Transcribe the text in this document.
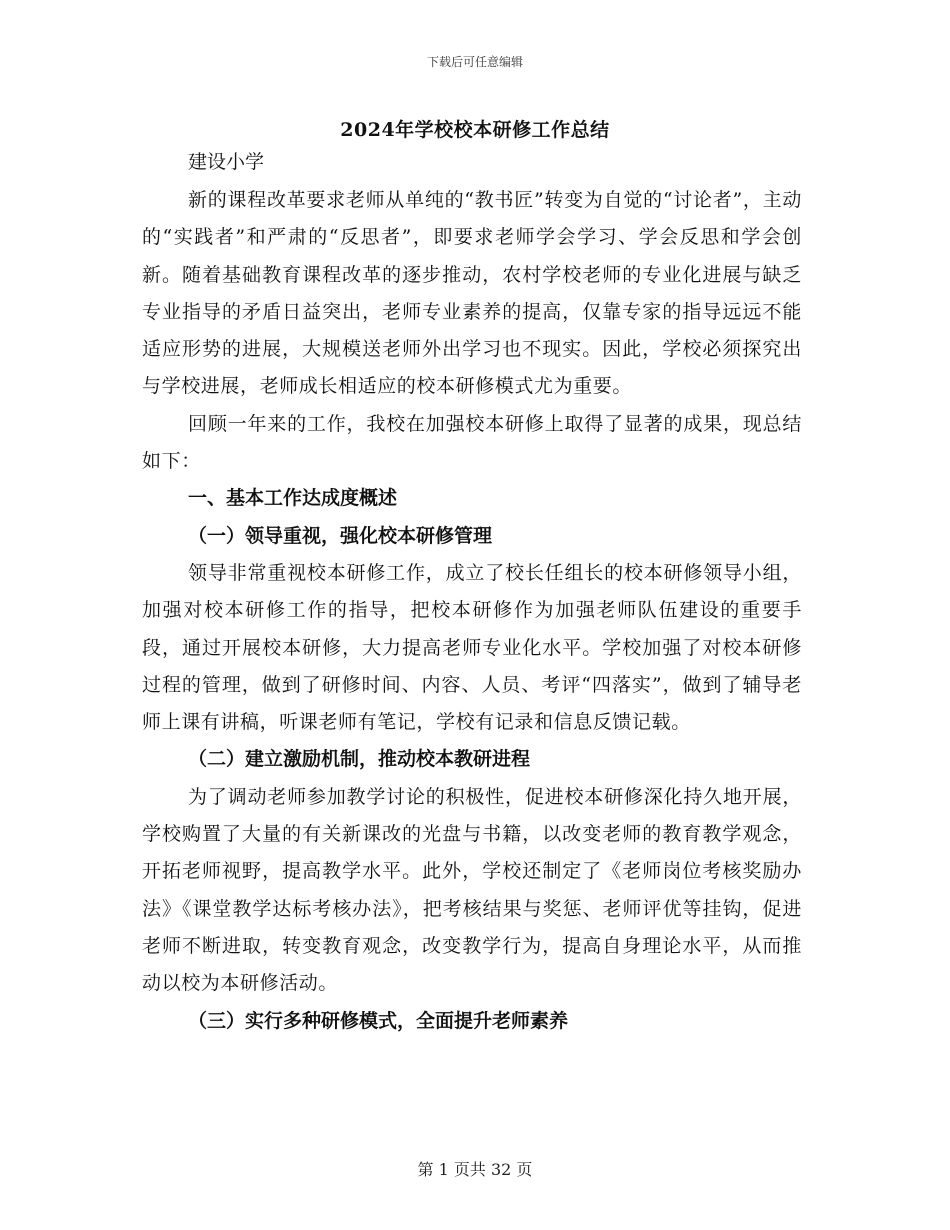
下载后可任意编辑
2024年学校校本研修工作总结
建设小学

新的课程改革要求老师从单纯的“教书匠”转变为自觉的“讨论者”，主动的“实践者”和严肃的“反思者”，即要求老师学会学习、学会反思和学会创新。随着基础教育课程改革的逐步推动，农村学校老师的专业化进展与缺乏专业指导的矛盾日益突出，老师专业素养的提高，仅靠专家的指导远远不能适应形势的进展，大规模送老师外出学习也不现实。因此，学校必须探究出与学校进展，老师成长相适应的校本研修模式尤为重要。

回顾一年来的工作，我校在加强校本研修上取得了显著的成果，现总结如下：

一、基本工作达成度概述

（一）领导重视，强化校本研修管理

领导非常重视校本研修工作，成立了校长任组长的校本研修领导小组，加强对校本研修工作的指导，把校本研修作为加强老师队伍建设的重要手段，通过开展校本研修，大力提高老师专业化水平。学校加强了对校本研修过程的管理，做到了研修时间、内容、人员、考评“四落实”，做到了辅导老师上课有讲稿，听课老师有笔记，学校有记录和信息反馈记载。

（二）建立激励机制，推动校本教研进程

为了调动老师参加教学讨论的积极性，促进校本研修深化持久地开展，学校购置了大量的有关新课改的光盘与书籍，以改变老师的教育教学观念，开拓老师视野，提高教学水平。此外，学校还制定了《老师岗位考核奖励办法》《课堂教学达标考核办法》，把考核结果与奖惩、老师评优等挂钩，促进老师不断进取，转变教育观念，改变教学行为，提高自身理论水平，从而推动以校为本研修活动。

（三）实行多种研修模式，全面提升老师素养

第 1 页共 32 页
